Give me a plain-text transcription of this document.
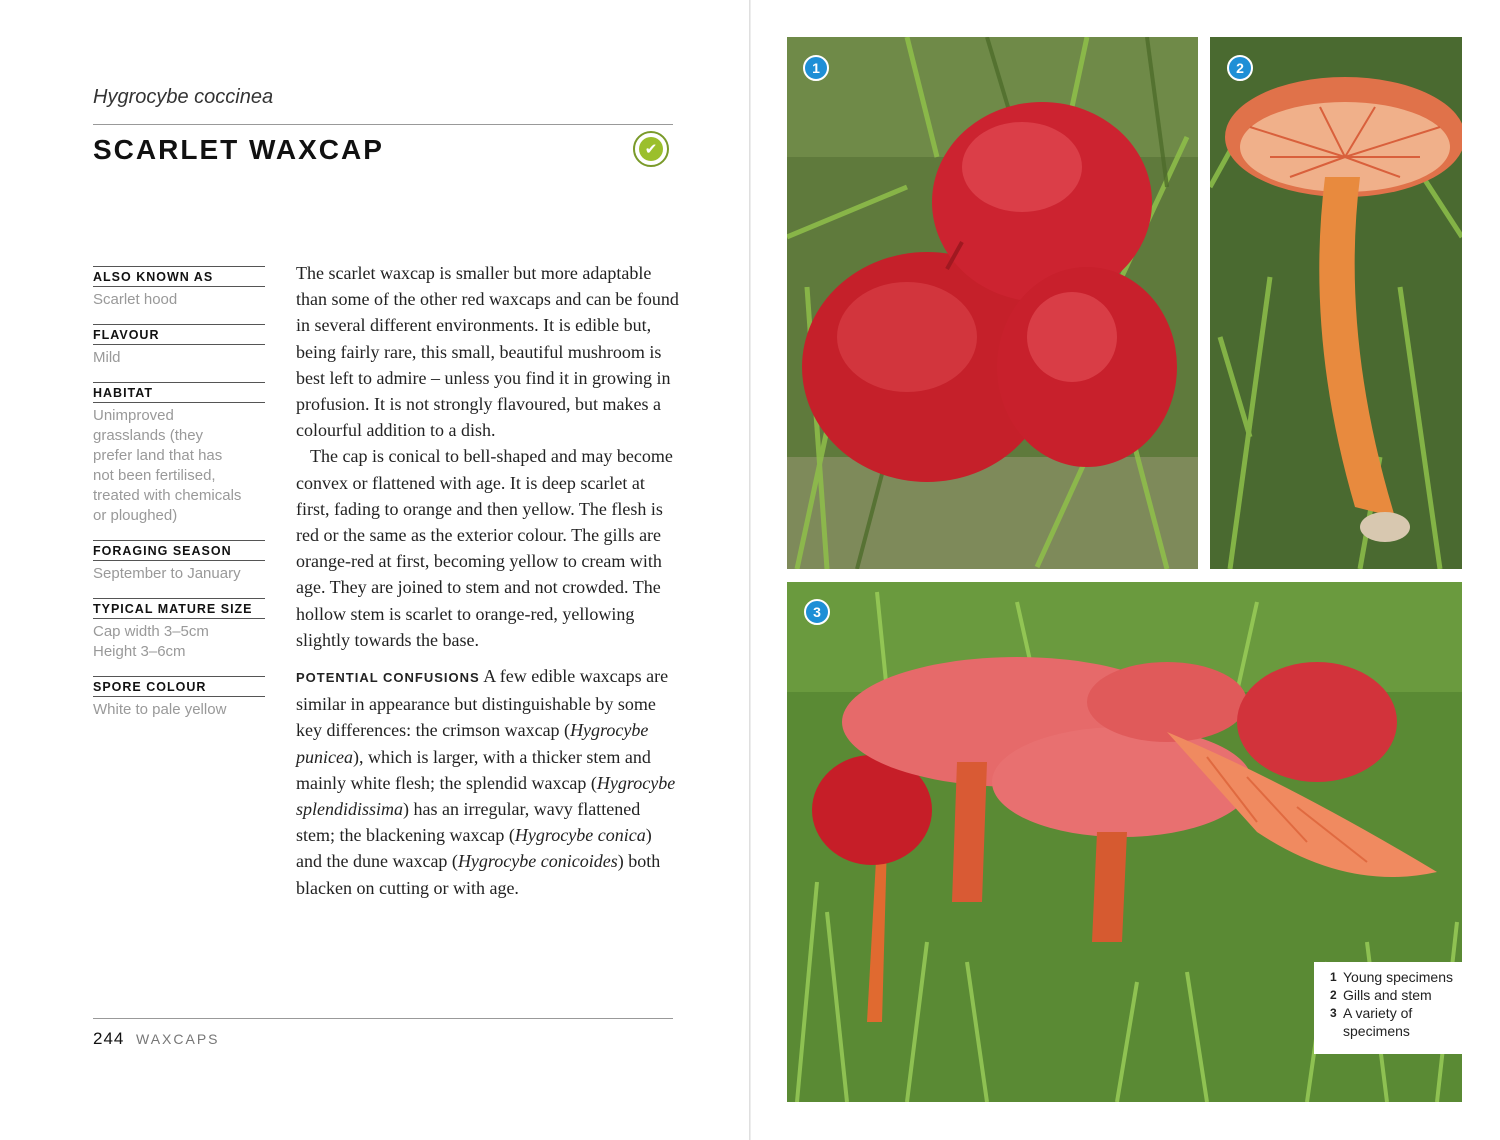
Hygrocybe coccinea
SCARLET WAXCAP	✔
ALSO KNOWN AS
Scarlet hood
FLAVOUR
Mild
HABITAT
Unimproved
grasslands (they
prefer land that has
not been fertilised,
treated with chemicals
or ploughed)
FORAGING SEASON
September to January
TYPICAL MATURE SIZE
Cap width 3–5cm
Height 3–6cm
SPORE COLOUR
White to pale yellow

The scarlet waxcap is smaller but more adaptable than some of the other red waxcaps and can be found in several different environments. It is edible but, being fairly rare, this small, beautiful mushroom is best left to admire – unless you find it in growing in profusion. It is not strongly flavoured, but makes a colourful addition to a dish.

The cap is conical to bell-shaped and may become convex or flattened with age. It is deep scarlet at first, fading to orange and then yellow. The flesh is red or the same as the exterior colour. The gills are orange-red at first, becoming yellow to cream with age. They are joined to stem and not crowded. The hollow stem is scarlet to orange-red, yellowing slightly towards the base.

POTENTIAL CONFUSIONS A few edible waxcaps are similar in appearance but distinguishable by some key differences: the crimson waxcap (Hygrocybe punicea), which is larger, with a thicker stem and mainly white flesh; the splendid waxcap (Hygrocybe splendidissima) has an irregular, wavy flattened stem; the blackening waxcap (Hygrocybe conica) and the dune waxcap (Hygrocybe conicoides) both blacken on cutting or with age.

244 WAXCAPS
1	2
3
1 Young specimens
2 Gills and stem
3 A variety of specimens
